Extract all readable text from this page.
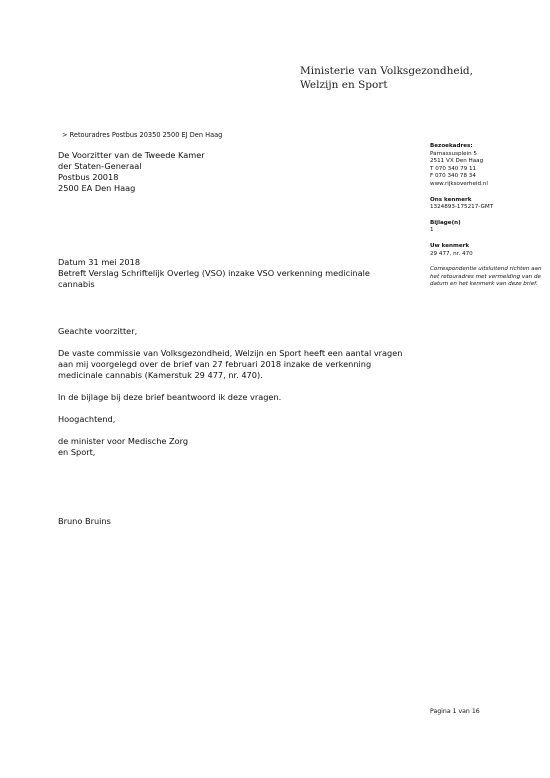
Ministerie van Volksgezondheid,
Welzijn en Sport
> Retouradres Postbus 20350 2500 EJ Den Haag
De Voorzitter van de Tweede Kamer
der Staten-Generaal
Postbus 20018
2500 EA Den Haag
Bezoekadres:
Parnassusplein 5
2511 VX Den Haag
T 070 340 79 11
F 070 340 78 34
www.rijksoverheid.nl
Ons kenmerk
1324893-175217-GMT
Bijlage(n)
1
Uw kenmerk
29 477, nr. 470
Correspondentie uitsluitend richten aan het retouradres met vermelding van de datum en het kenmerk van deze brief.
Datum 31 mei 2018
Betreft Verslag Schriftelijk Overleg (VSO) inzake VSO verkenning medicinale cannabis

Geachte voorzitter,

De vaste commissie van Volksgezondheid, Welzijn en Sport heeft een aantal vragen aan mij voorgelegd over de brief van 27 februari 2018 inzake de verkenning medicinale cannabis (Kamerstuk 29 477, nr. 470).

In de bijlage bij deze brief beantwoord ik deze vragen.

Hoogachtend,

de minister voor Medische Zorg
en Sport,
Bruno Bruins
Pagina 1 van 16
